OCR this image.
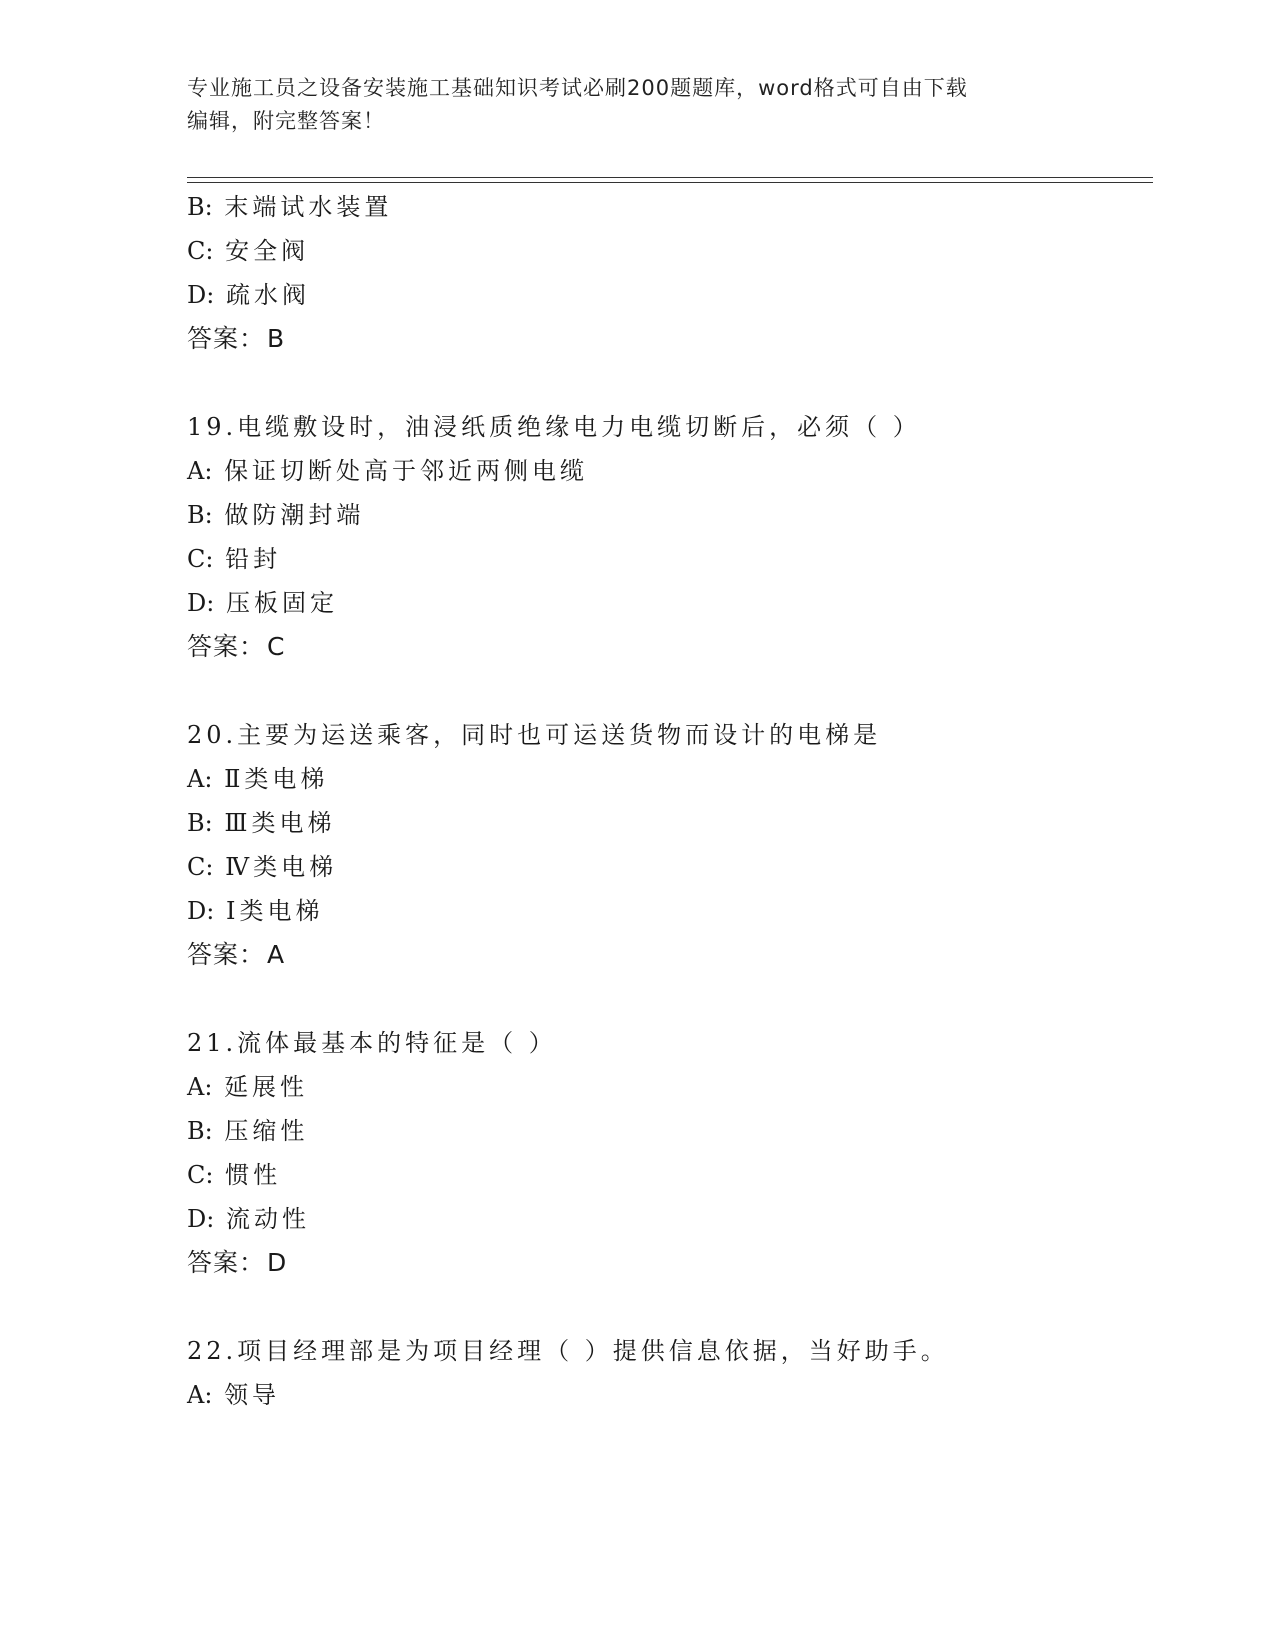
专业施工员之设备安装施工基础知识考试必刷200题题库，word格式可自由下载
编辑，附完整答案！
B: 末端试水装置
C: 安全阀
D: 疏水阀
答案：B
19.电缆敷设时，油浸纸质绝缘电力电缆切断后，必须（ ）
A: 保证切断处高于邻近两侧电缆
B: 做防潮封端
C: 铅封
D: 压板固定
答案：C
20.主要为运送乘客，同时也可运送货物而设计的电梯是
A: Ⅱ类电梯
B: Ⅲ类电梯
C: Ⅳ类电梯
D: Ⅰ类电梯
答案：A
21.流体最基本的特征是（ ）
A: 延展性
B: 压缩性
C: 惯性
D: 流动性
答案：D
22.项目经理部是为项目经理（ ）提供信息依据，当好助手。
A: 领导
